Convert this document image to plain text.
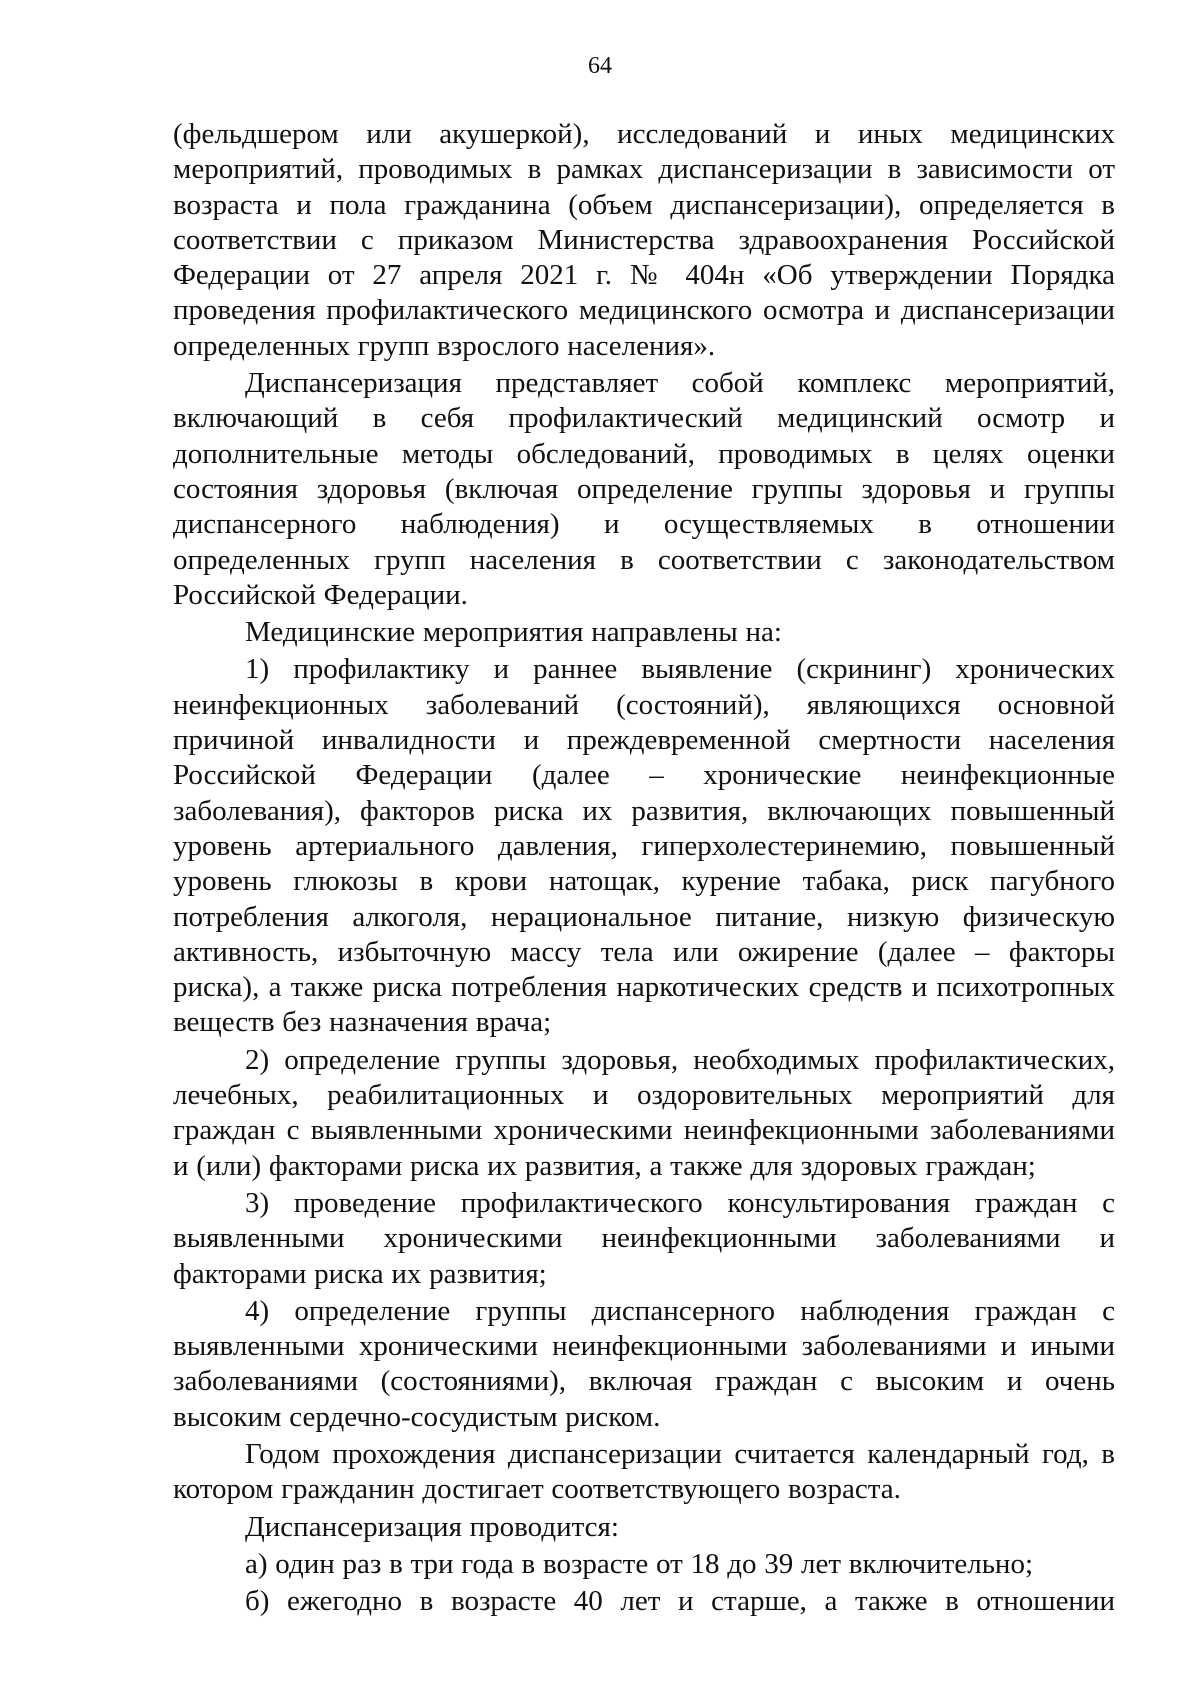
64

(фельдшером или акушеркой), исследований и иных медицинских мероприятий, проводимых в рамках диспансеризации в зависимости от возраста и пола гражданина (объем диспансеризации), определяется в соответствии с приказом Министерства здравоохранения Российской Федерации от 27 апреля 2021 г. № 404н «Об утверждении Порядка проведения профилактического медицинского осмотра и диспансеризации определенных групп взрослого населения».

Диспансеризация представляет собой комплекс мероприятий, включающий в себя профилактический медицинский осмотр и дополнительные методы обследований, проводимых в целях оценки состояния здоровья (включая определение группы здоровья и группы диспансерного наблюдения) и осуществляемых в отношении определенных групп населения в соответствии с законодательством Российской Федерации.

Медицинские мероприятия направлены на:

1) профилактику и раннее выявление (скрининг) хронических неинфекционных заболеваний (состояний), являющихся основной причиной инвалидности и преждевременной смертности населения Российской Федерации (далее – хронические неинфекционные заболевания), факторов риска их развития, включающих повышенный уровень артериального давления, гиперхолестеринемию, повышенный уровень глюкозы в крови натощак, курение табака, риск пагубного потребления алкоголя, нерациональное питание, низкую физическую активность, избыточную массу тела или ожирение (далее – факторы риска), а также риска потребления наркотических средств и психотропных веществ без назначения врача;

2) определение группы здоровья, необходимых профилактических, лечебных, реабилитационных и оздоровительных мероприятий для граждан с выявленными хроническими неинфекционными заболеваниями и (или) факторами риска их развития, а также для здоровых граждан;

3) проведение профилактического консультирования граждан с выявленными хроническими неинфекционными заболеваниями и факторами риска их развития;

4) определение группы диспансерного наблюдения граждан с выявленными хроническими неинфекционными заболеваниями и иными заболеваниями (состояниями), включая граждан с высоким и очень высоким сердечно-сосудистым риском.

Годом прохождения диспансеризации считается календарный год, в котором гражданин достигает соответствующего возраста.

Диспансеризация проводится:

а) один раз в три года в возрасте от 18 до 39 лет включительно;

б) ежегодно в возрасте 40 лет и старше, а также в отношении
